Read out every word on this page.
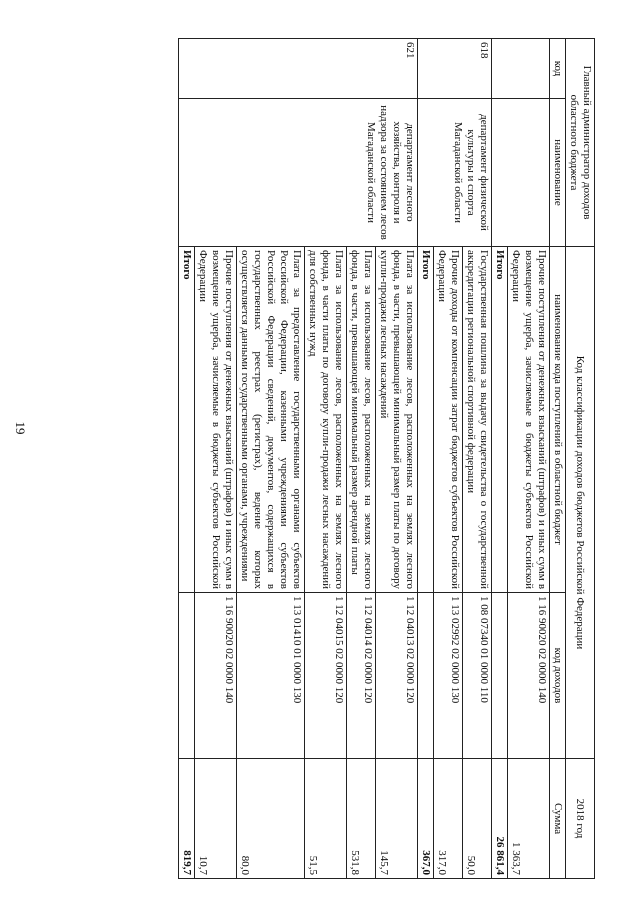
19
Главный администратор доходов областного бюджета		Код классификации доходов бюджетов Российской Федерации		2018 год
код	наименование	наименование кода поступлений в областной бюджет	код доходов	Сумма
		Прочие поступления от денежных взысканий (штрафов) и иных сумм в возмещение ущерба, зачисляемые в бюджеты субъектов Российской Федерации	1 16 90020 02 0000 140	1 363,7
		Итого		26 861,4
618	департамент физической культуры и спорта Магаданской области	Государственная пошлина за выдачу свидетельства о государственной аккредитации региональной спортивной федерации	1 08 07340 01 0000 110	50,0
		Прочие доходы от компенсации затрат бюджетов субъектов Российской Федерации	1 13 02992 02 0000 130	317,0
		Итого		367,0
621	департамент лесного хозяйства, контроля и надзора за состоянием лесов Магаданской области	Плата за использование лесов, расположенных на землях лесного фонда, в части, превышающей минимальный размер платы по договору купли-продажи лесных насаждений	1 12 04013 02 0000 120	145,7
		Плата за использование лесов, расположенных на землях лесного фонда, в части, превышающей минимальный размер арендной платы	1 12 04014 02 0000 120	531,8
		Плата за использование лесов, расположенных на землях лесного фонда, в части платы по договору купли-продажи лесных насаждений для собственных нужд	1 12 04015 02 0000 120	51,5
		Плата за предоставление государственными органами субъектов Российской Федерации, казенными учреждениями субъектов Российской Федерации сведений, документов, содержащихся в государственных реестрах (регистрах), ведение которых осуществляется данными государственными органами, учреждениями	1 13 01410 01 0000 130	80,0
		Прочие поступления от денежных взысканий (штрафов) и иных сумм в возмещение ущерба, зачисляемые в бюджеты субъектов Российской Федерации	1 16 90020 02 0000 140	10,7
		Итого		819,7
